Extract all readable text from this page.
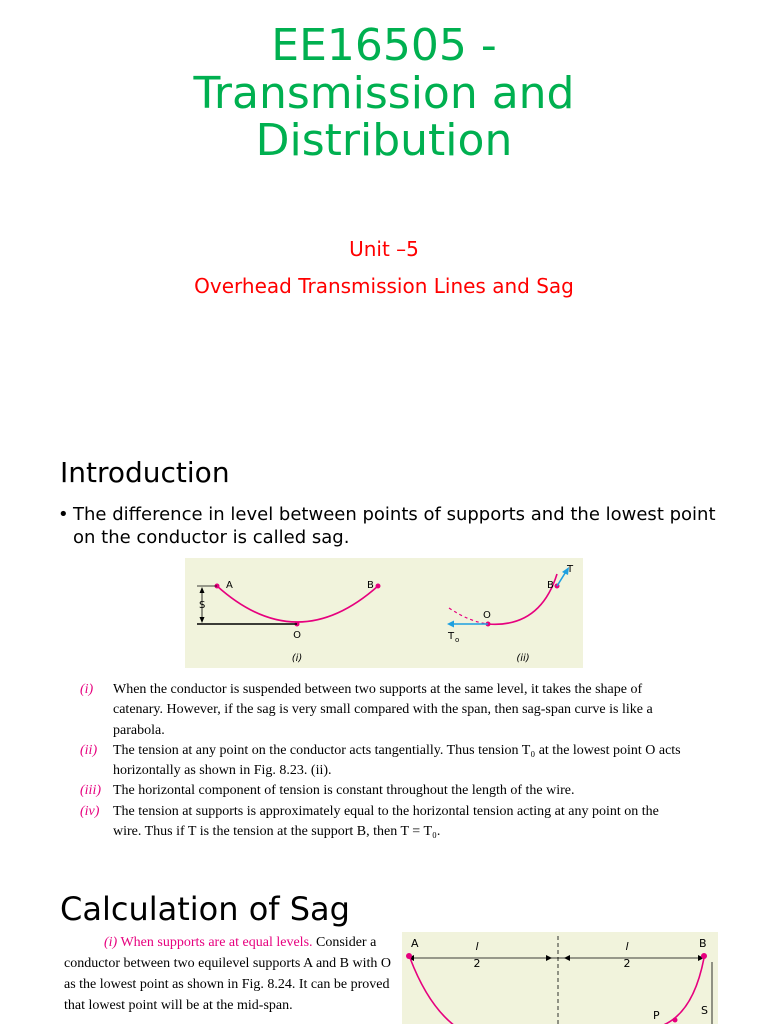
EE16505 -
Transmission and
Distribution
Unit –5
Overhead Transmission Lines and Sag
Introduction
• The difference in level between points of supports and the lowest point on the conductor is called sag.
A	B
S
O
(i)
B
T
O
T o
(ii)
(i) When the conductor is suspended between two supports at the same level, it takes the shape of catenary. However, if the sag is very small compared with the span, then sag-span curve is like a parabola.
(ii) The tension at any point on the conductor acts tangentially. Thus tension T₀ at the lowest point O acts horizontally as shown in Fig. 8.23. (ii).
(iii) The horizontal component of tension is constant throughout the length of the wire.
(iv) The tension at supports is approximately equal to the horizontal tension acting at any point on the wire. Thus if T is the tension at the support B, then T = T₀.
Calculation of Sag
(i) When supports are at equal levels. Consider a conductor between two equilevel supports A and B with O as the lowest point as shown in Fig. 8.24. It can be proved that lowest point will be at the mid-span.
A	B
l
2
l
2
P	S
